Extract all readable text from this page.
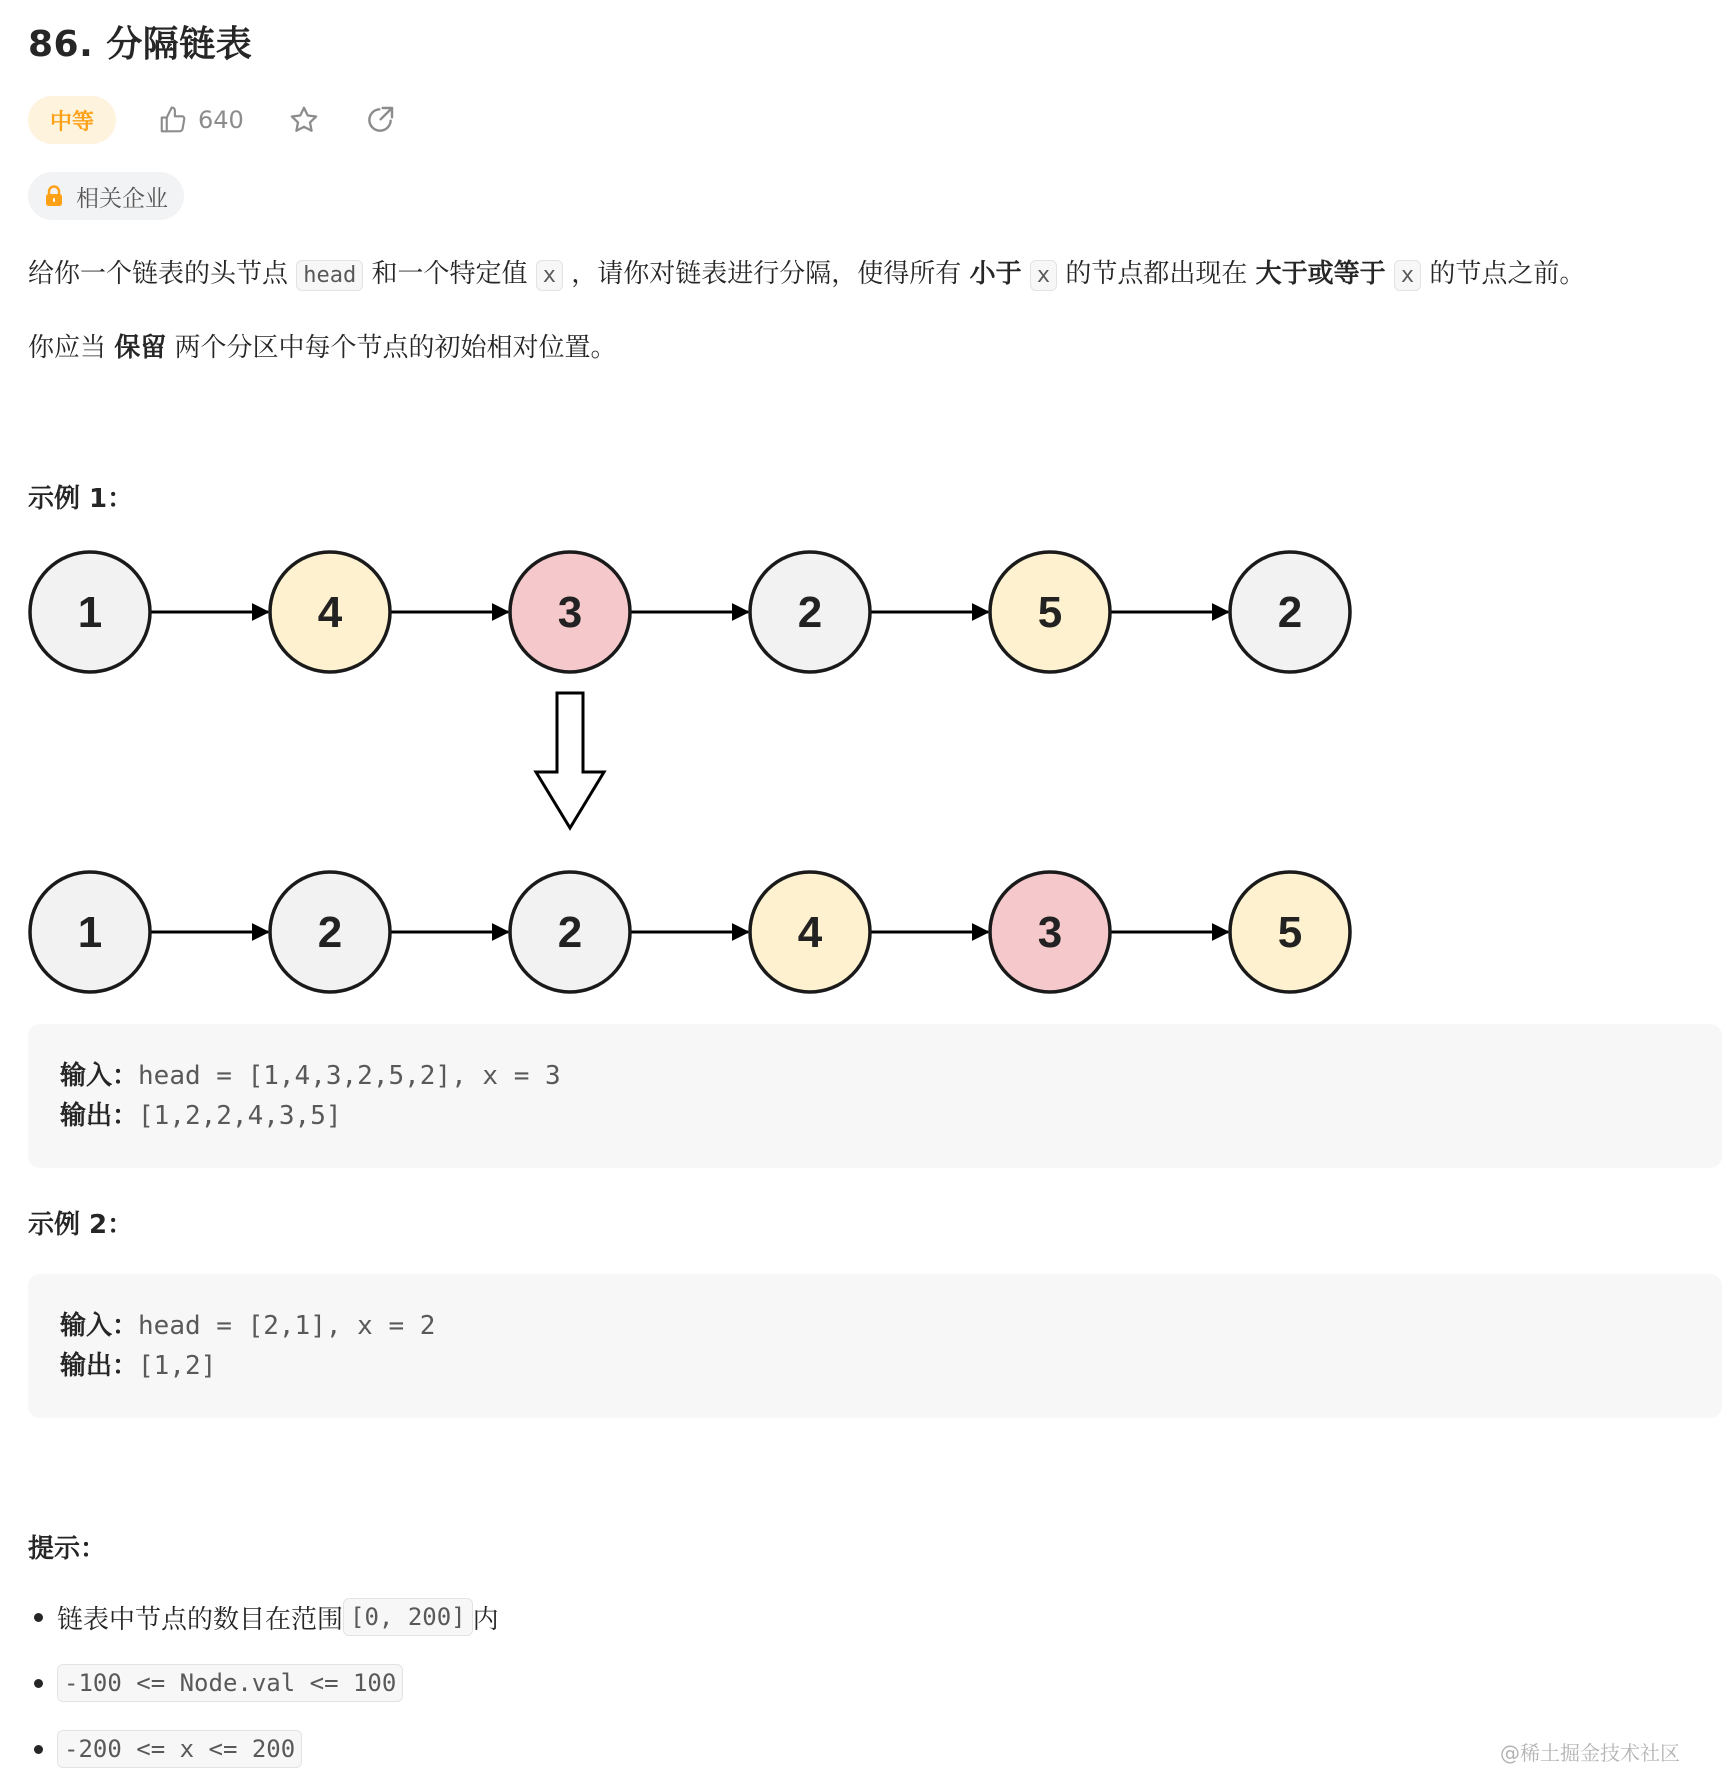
86. 分隔链表
中等	640
相关企业

给你一个链表的头节点 head 和一个特定值 x ，请你对链表进行分隔，使得所有 小于 x 的节点都出现在 大于或等于 x 的节点之前。

你应当 保留 两个分区中每个节点的初始相对位置。

示例 1：
1	4	3	2	5	2
1	2	2	4	3	5
输入：head = [1,4,3,2,5,2], x = 3
输出：[1,2,2,4,3,5]
示例 2：
输入：head = [2,1], x = 2
输出：[1,2]
提示：
链表中节点的数目在范围 [0, 200] 内
-100 <= Node.val <= 100
-200 <= x <= 200	@稀土掘金技术社区
